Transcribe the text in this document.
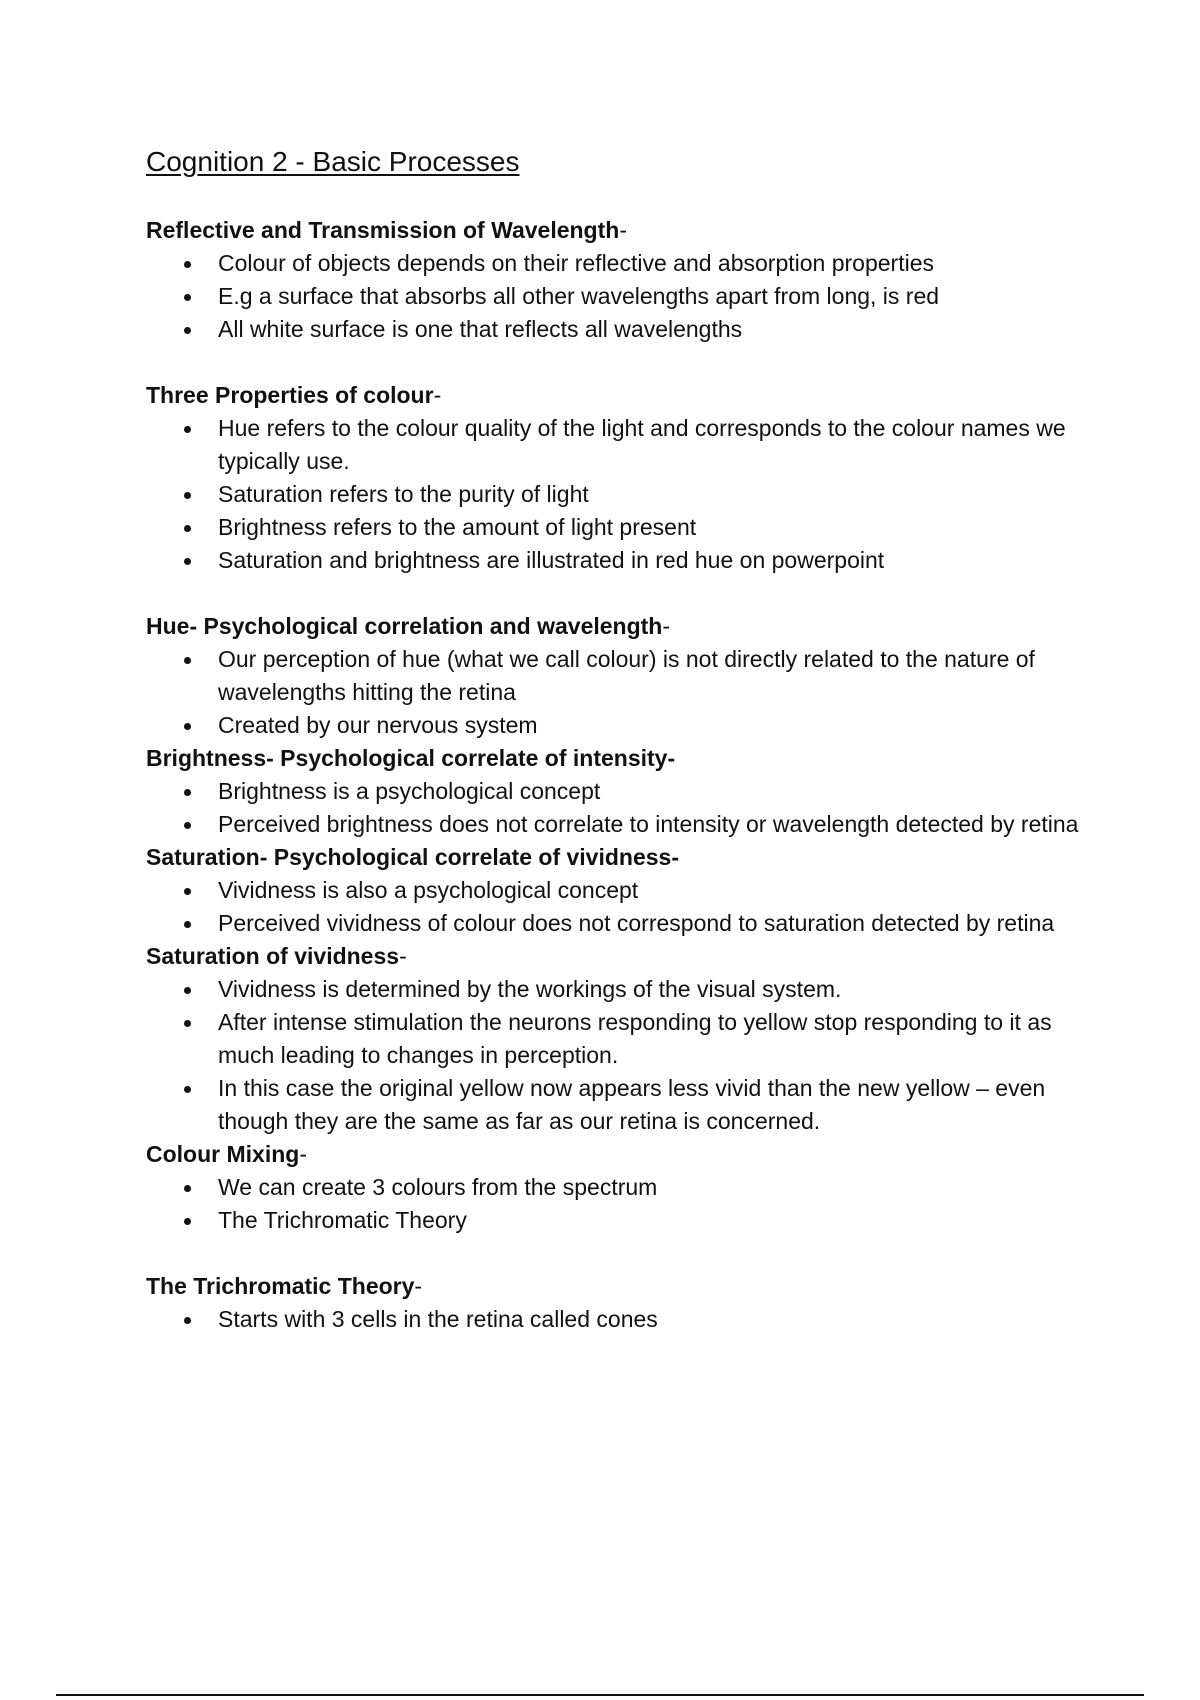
Cognition 2 - Basic Processes

Reflective and Transmission of Wavelength-

Colour of objects depends on their reflective and absorption properties
E.g a surface that absorbs all other wavelengths apart from long, is red
All white surface is one that reflects all wavelengths

Three Properties of colour-

Hue refers to the colour quality of the light and corresponds to the colour names we typically use.
Saturation refers to the purity of light
Brightness refers to the amount of light present
Saturation and brightness are illustrated in red hue on powerpoint

Hue- Psychological correlation and wavelength-

Our perception of hue (what we call colour) is not directly related to the nature of wavelengths hitting the retina
Created by our nervous system

Brightness- Psychological correlate of intensity-

Brightness is a psychological concept
Perceived brightness does not correlate to intensity or wavelength detected by retina

Saturation- Psychological correlate of vividness-

Vividness is also a psychological concept
Perceived vividness of colour does not correspond to saturation detected by retina

Saturation of vividness-

Vividness is determined by the workings of the visual system.
After intense stimulation the neurons responding to yellow stop responding to it as much leading to changes in perception.
In this case the original yellow now appears less vivid than the new yellow – even though they are the same as far as our retina is concerned.

Colour Mixing-

We can create 3 colours from the spectrum
The Trichromatic Theory

The Trichromatic Theory-

Starts with 3 cells in the retina called cones
